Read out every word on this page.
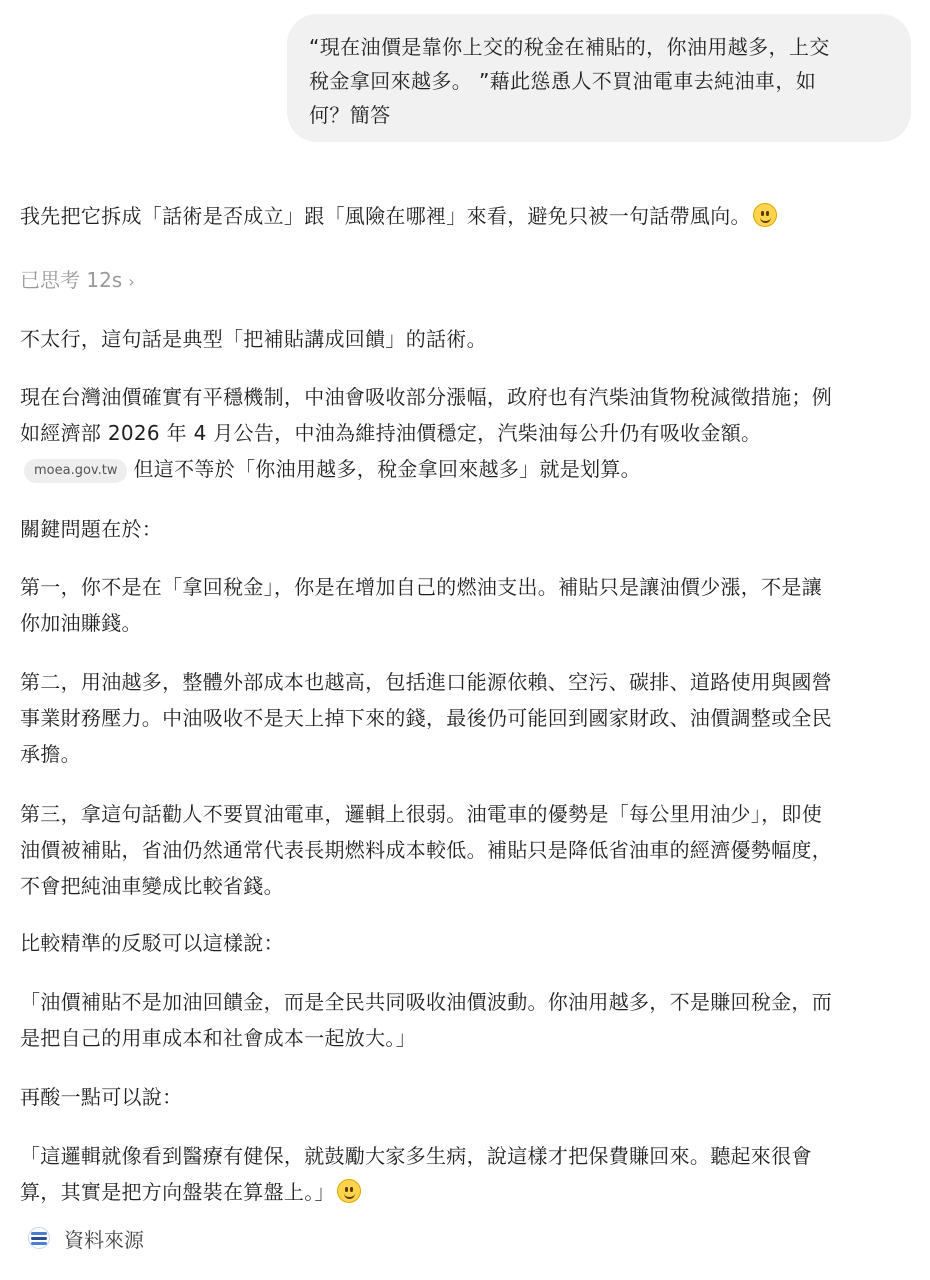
“現在油價是靠你上交的稅金在補貼的，你油用越多，上交
稅金拿回來越多。 ”藉此慫恿人不買油電車去純油車，如
何？簡答

我先把它拆成「話術是否成立」跟「風險在哪裡」來看，避免只被一句話帶風向。

已思考 12s ›

不太行，這句話是典型「把補貼講成回饋」的話術。

現在台灣油價確實有平穩機制，中油會吸收部分漲幅，政府也有汽柴油貨物稅減徵措施；例
如經濟部 2026 年 4 月公告，中油為維持油價穩定，汽柴油每公升仍有吸收金額。
moea.gov.tw 但這不等於「你油用越多，稅金拿回來越多」就是划算。

關鍵問題在於：

第一，你不是在「拿回稅金」，你是在增加自己的燃油支出。補貼只是讓油價少漲，不是讓
你加油賺錢。

第二，用油越多，整體外部成本也越高，包括進口能源依賴、空污、碳排、道路使用與國營
事業財務壓力。中油吸收不是天上掉下來的錢，最後仍可能回到國家財政、油價調整或全民
承擔。

第三，拿這句話勸人不要買油電車，邏輯上很弱。油電車的優勢是「每公里用油少」，即使
油價被補貼，省油仍然通常代表長期燃料成本較低。補貼只是降低省油車的經濟優勢幅度，
不會把純油車變成比較省錢。

比較精準的反駁可以這樣說：

「油價補貼不是加油回饋金，而是全民共同吸收油價波動。你油用越多，不是賺回稅金，而
是把自己的用車成本和社會成本一起放大。」

再酸一點可以說：

「這邏輯就像看到醫療有健保，就鼓勵大家多生病，說這樣才把保費賺回來。聽起來很會
算，其實是把方向盤裝在算盤上。」

資料來源
